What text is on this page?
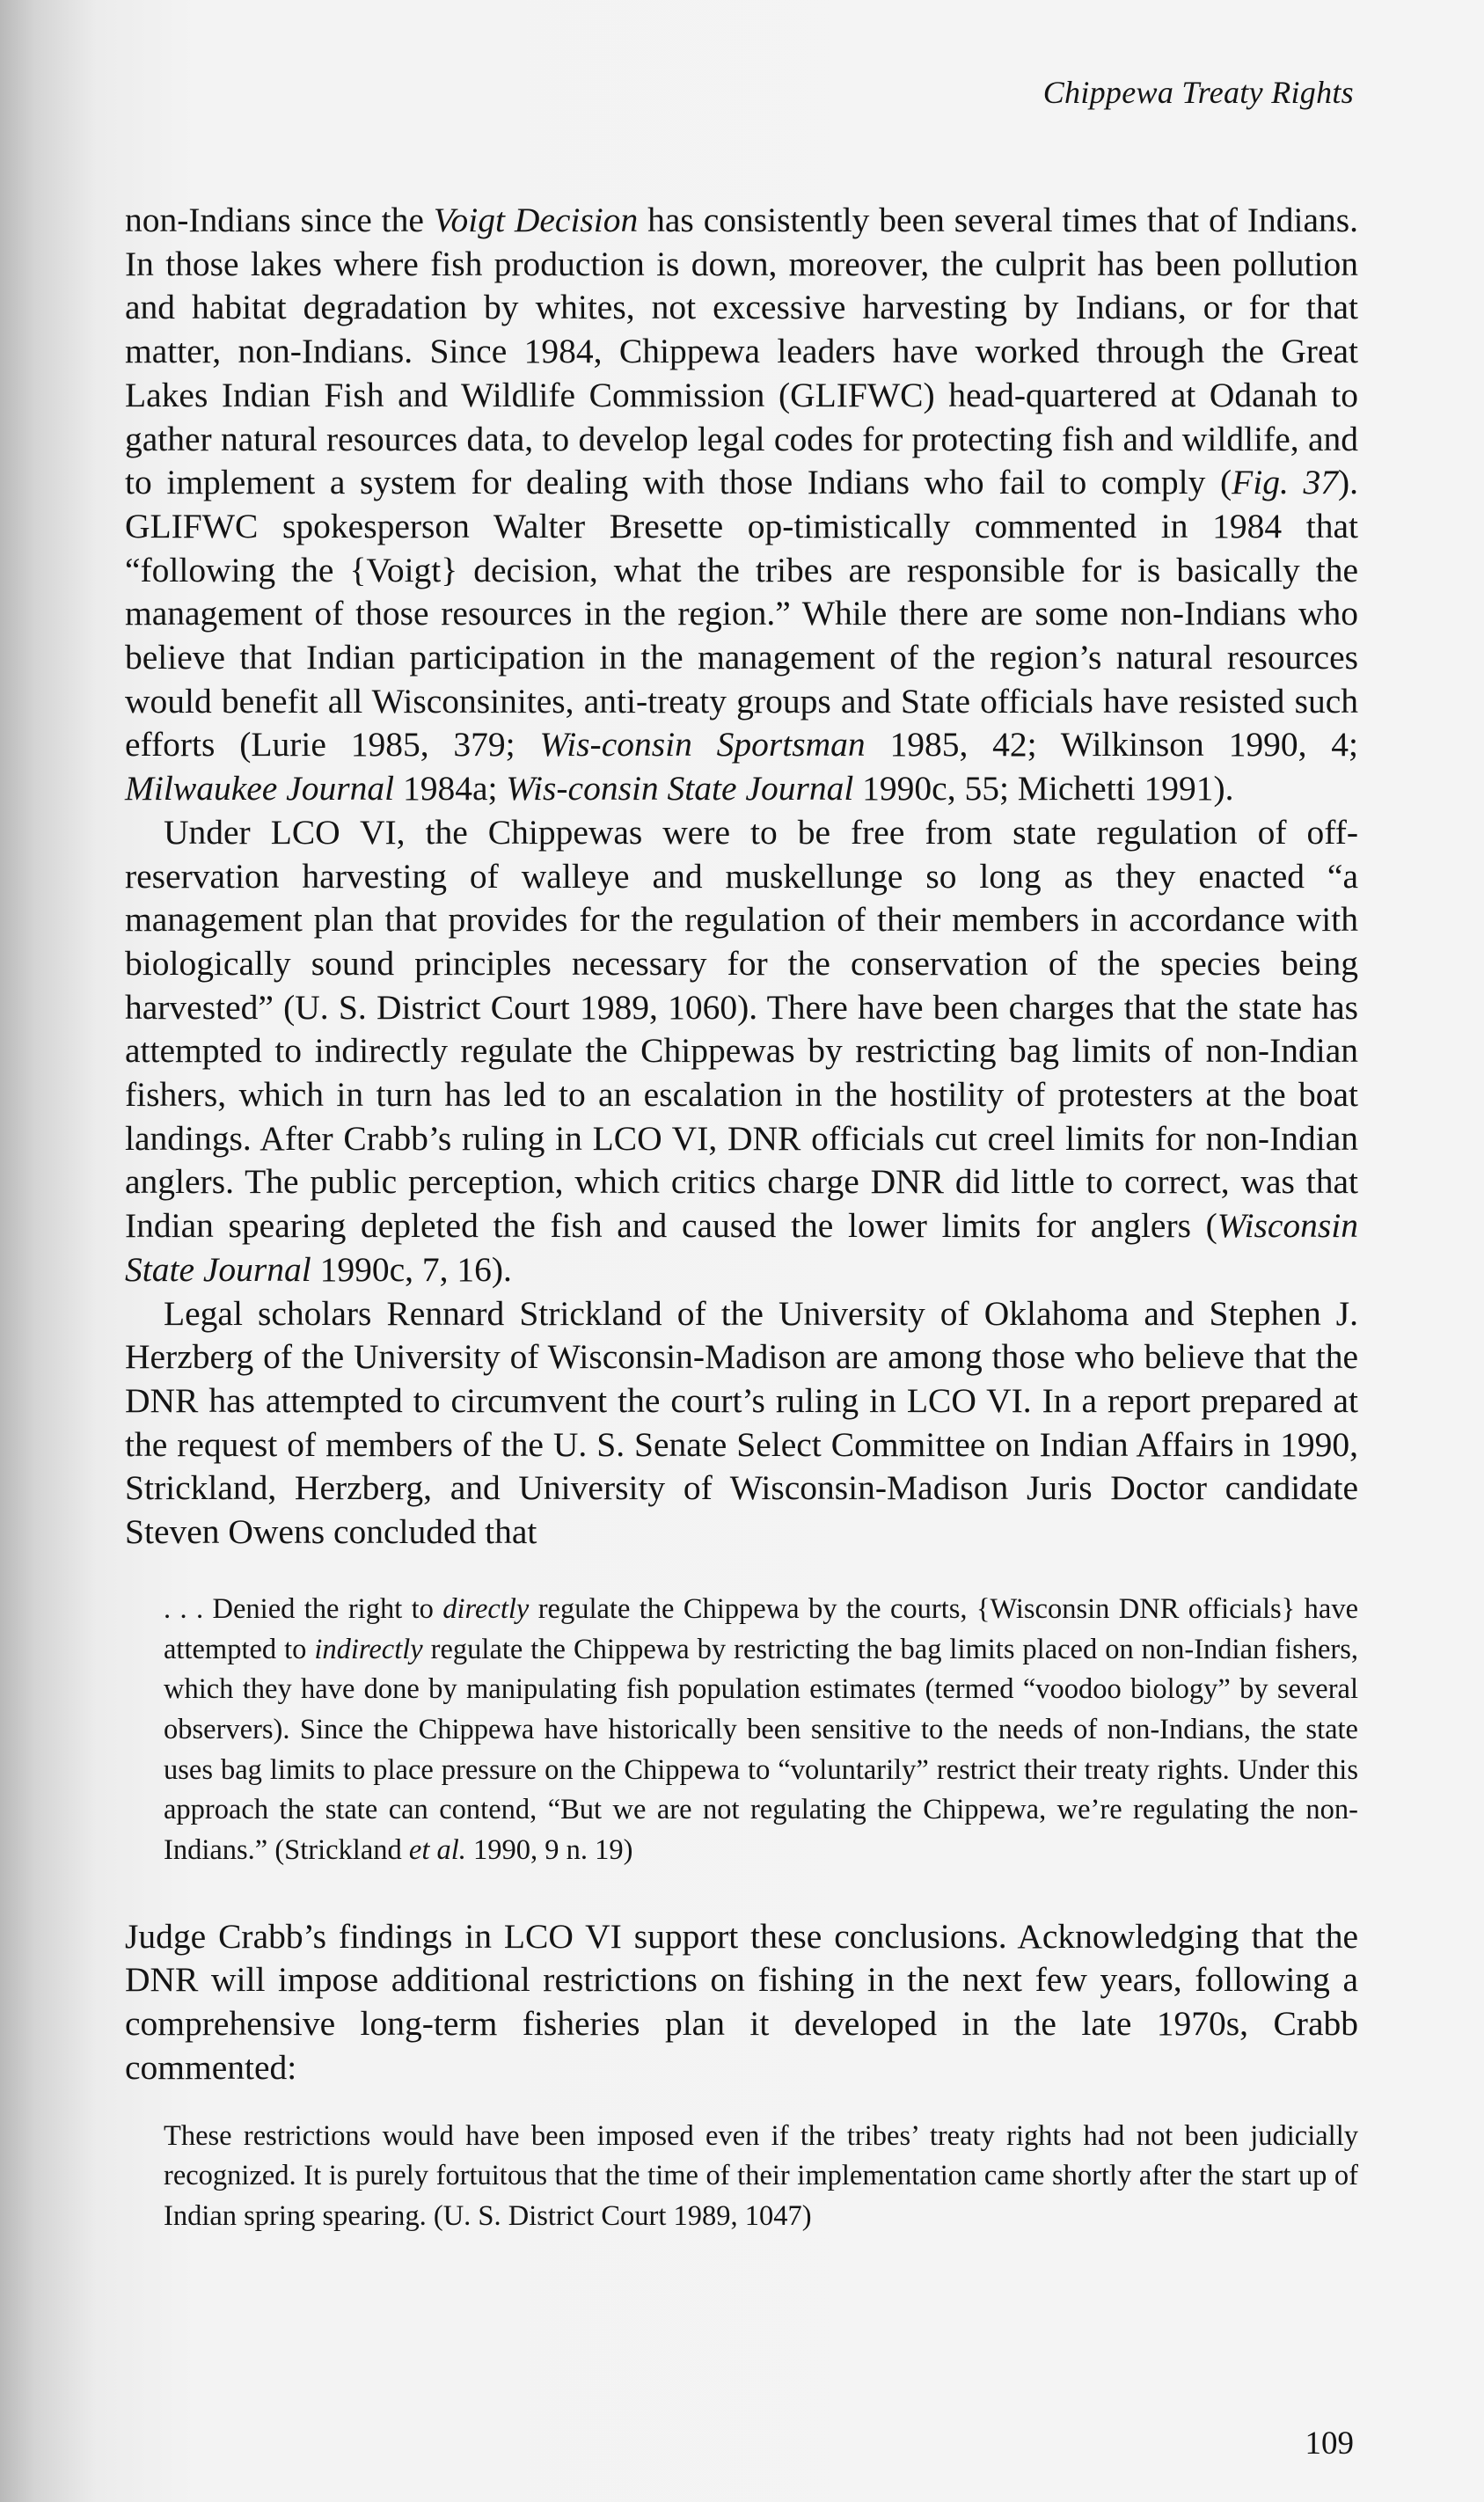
Chippewa Treaty Rights

non-Indians since the Voigt Decision has consistently been several times that of Indians. In those lakes where fish production is down, moreover, the culprit has been pollution and habitat degradation by whites, not excessive harvesting by Indians, or for that matter, non-Indians. Since 1984, Chippewa leaders have worked through the Great Lakes Indian Fish and Wildlife Commission (GLIFWC) head-quartered at Odanah to gather natural resources data, to develop legal codes for protecting fish and wildlife, and to implement a system for dealing with those Indians who fail to comply (Fig. 37). GLIFWC spokesperson Walter Bresette op-timistically commented in 1984 that “following the {Voigt} decision, what the tribes are responsible for is basically the management of those resources in the region.” While there are some non-Indians who believe that Indian participation in the management of the region’s natural resources would benefit all Wisconsinites, anti-treaty groups and State officials have resisted such efforts (Lurie 1985, 379; Wis-consin Sportsman 1985, 42; Wilkinson 1990, 4; Milwaukee Journal 1984a; Wis-consin State Journal 1990c, 55; Michetti 1991).

Under LCO VI, the Chippewas were to be free from state regulation of off-reservation harvesting of walleye and muskellunge so long as they enacted “a management plan that provides for the regulation of their members in accordance with biologically sound principles necessary for the conservation of the species being harvested” (U. S. District Court 1989, 1060). There have been charges that the state has attempted to indirectly regulate the Chippewas by restricting bag limits of non-Indian fishers, which in turn has led to an escalation in the hostility of protesters at the boat landings. After Crabb’s ruling in LCO VI, DNR officials cut creel limits for non-Indian anglers. The public perception, which critics charge DNR did little to correct, was that Indian spearing depleted the fish and caused the lower limits for anglers (Wisconsin State Journal 1990c, 7, 16).

Legal scholars Rennard Strickland of the University of Oklahoma and Stephen J. Herzberg of the University of Wisconsin-Madison are among those who believe that the DNR has attempted to circumvent the court’s ruling in LCO VI. In a report prepared at the request of members of the U. S. Senate Select Committee on Indian Affairs in 1990, Strickland, Herzberg, and University of Wisconsin-Madison Juris Doctor candidate Steven Owens concluded that

. . . Denied the right to directly regulate the Chippewa by the courts, {Wisconsin DNR officials} have attempted to indirectly regulate the Chippewa by restricting the bag limits placed on non-Indian fishers, which they have done by manipulating fish population estimates (termed “voodoo biology” by several observers). Since the Chippewa have historically been sensitive to the needs of non-Indians, the state uses bag limits to place pressure on the Chippewa to “voluntarily” restrict their treaty rights. Under this approach the state can contend, “But we are not regulating the Chippewa, we’re regulating the non-Indians.” (Strickland et al. 1990, 9 n. 19)

Judge Crabb’s findings in LCO VI support these conclusions. Acknowledging that the DNR will impose additional restrictions on fishing in the next few years, following a comprehensive long-term fisheries plan it developed in the late 1970s, Crabb commented:

These restrictions would have been imposed even if the tribes’ treaty rights had not been judicially recognized. It is purely fortuitous that the time of their implementation came shortly after the start up of Indian spring spearing. (U. S. District Court 1989, 1047)

109
